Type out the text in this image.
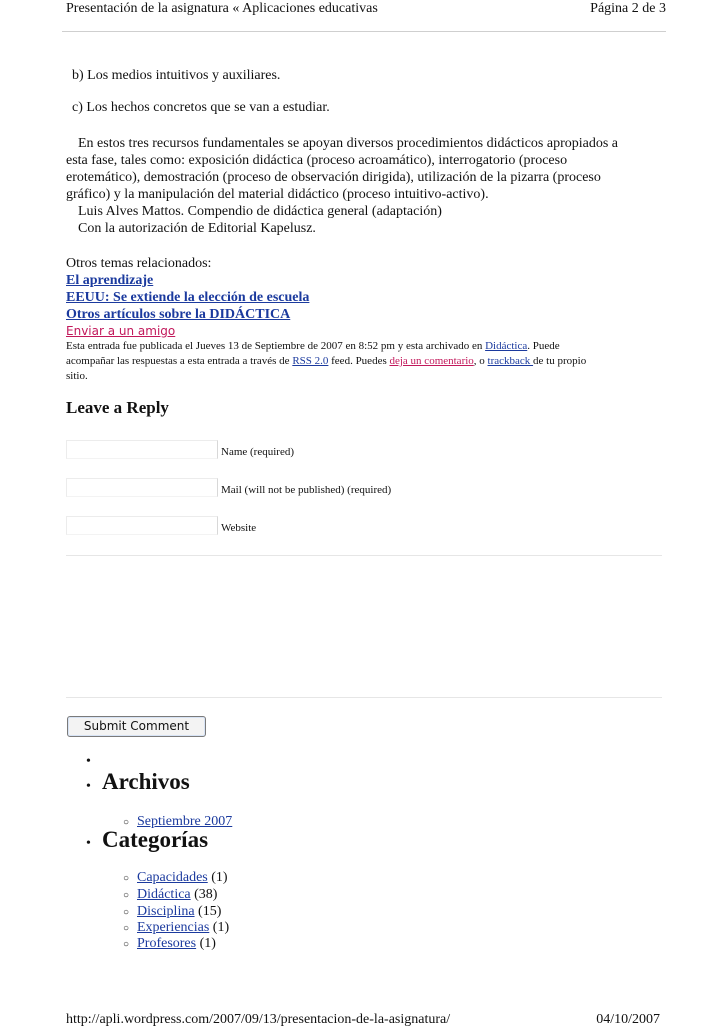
Presentación de la asignatura « Aplicaciones educativas	Página 2 de 3

b) Los medios intuitivos y auxiliares.

c) Los hechos concretos que se van a estudiar.

En estos tres recursos fundamentales se apoyan diversos procedimientos didácticos apropiados a
esta fase, tales como: exposición didáctica (proceso acroamático), interrogatorio (proceso
erotemático), demostración (proceso de observación dirigida), utilización de la pizarra (proceso
gráfico) y la manipulación del material didáctico (proceso intuitivo-activo).
Luis Alves Mattos. Compendio de didáctica general (adaptación)
Con la autorización de Editorial Kapelusz.

Otros temas relacionados:
El aprendizaje
EEUU: Se extiende la elección de escuela
Otros artículos sobre la DIDÁCTICA
Enviar a un amigo

Esta entrada fue publicada el Jueves 13 de Septiembre de 2007 en 8:52 pm y esta archivado en Didáctica. Puede
acompañar las respuestas a esta entrada a través de RSS 2.0 feed. Puedes deja un comentario, o trackback de tu propio
sitio.

Leave a Reply
Name (required)
Mail (will not be published) (required)
Website
Submit Comment
•
• Archivos
○ Septiembre 2007
• Categorías
○ Capacidades (1)
○ Didáctica (38)
○ Disciplina (15)
○ Experiencias (1)
○ Profesores (1)
http://apli.wordpress.com/2007/09/13/presentacion-de-la-asignatura/	04/10/2007
